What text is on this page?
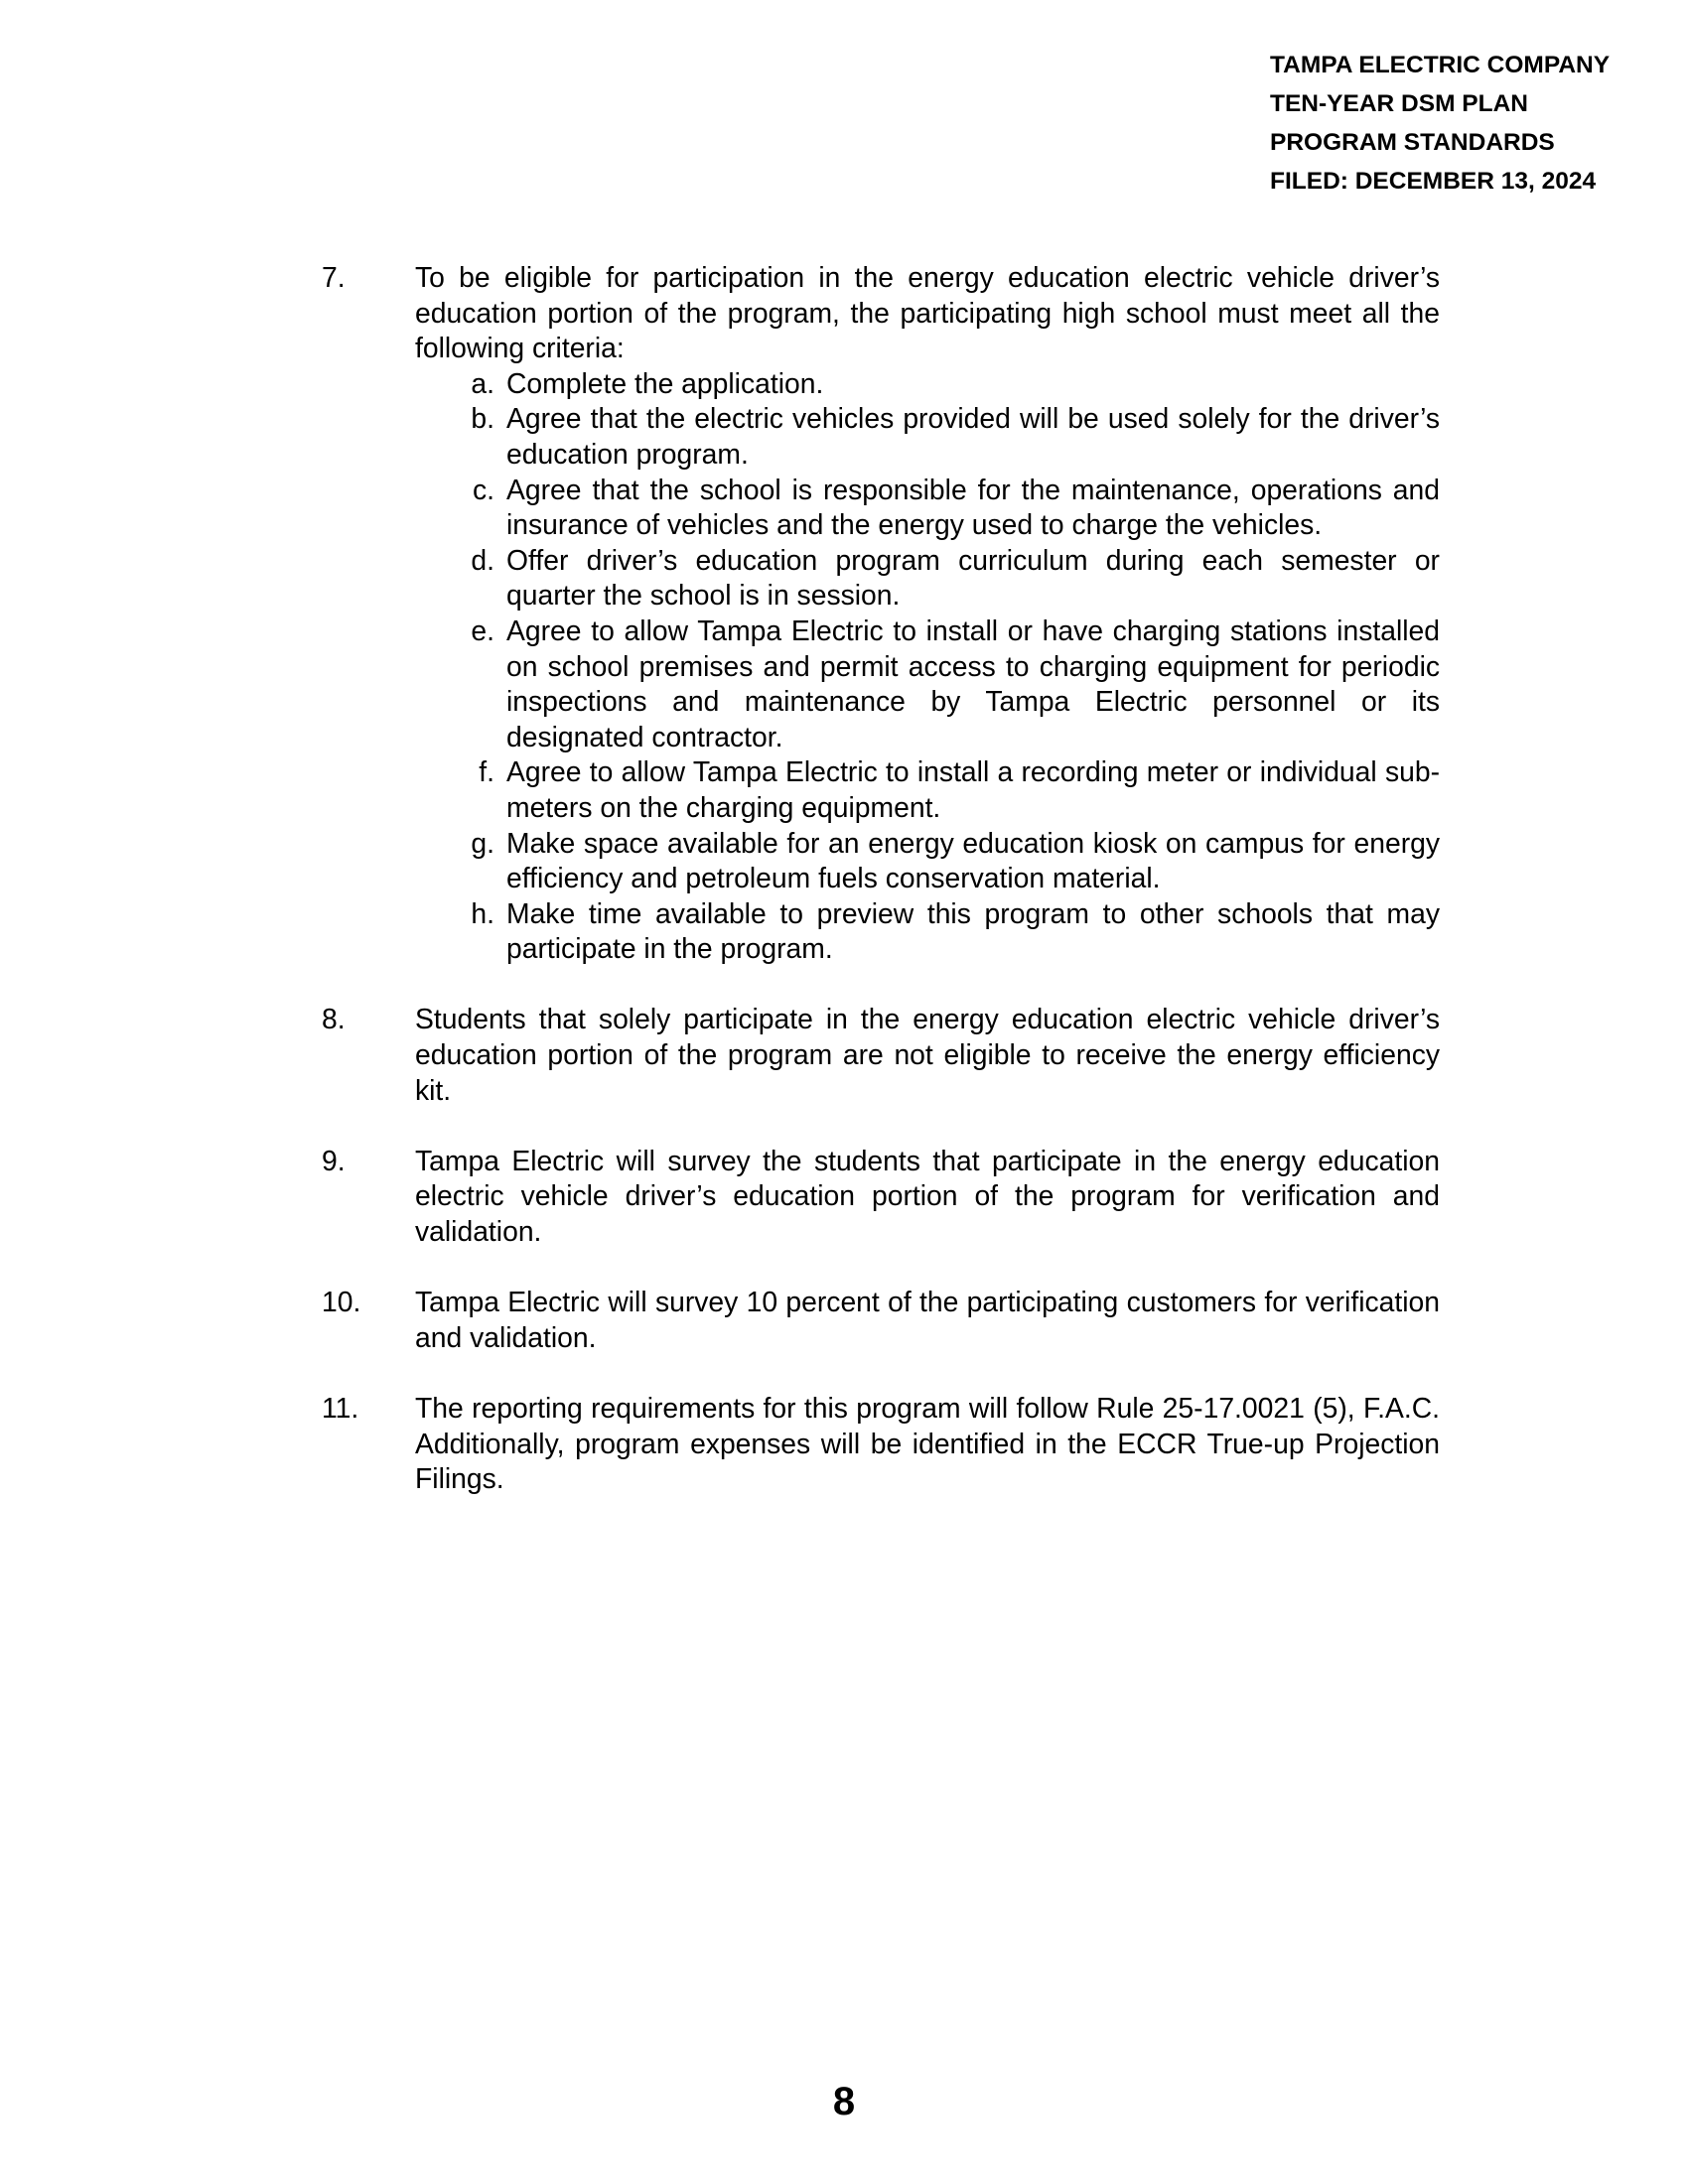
TAMPA ELECTRIC COMPANY
TEN-YEAR DSM PLAN
PROGRAM STANDARDS
FILED: DECEMBER 13, 2024
7. To be eligible for participation in the energy education electric vehicle driver’s education portion of the program, the participating high school must meet all the following criteria:
a. Complete the application.
b. Agree that the electric vehicles provided will be used solely for the driver’s education program.
c. Agree that the school is responsible for the maintenance, operations and insurance of vehicles and the energy used to charge the vehicles.
d. Offer driver’s education program curriculum during each semester or quarter the school is in session.
e. Agree to allow Tampa Electric to install or have charging stations installed on school premises and permit access to charging equipment for periodic inspections and maintenance by Tampa Electric personnel or its designated contractor.
f. Agree to allow Tampa Electric to install a recording meter or individual sub-meters on the charging equipment.
g. Make space available for an energy education kiosk on campus for energy efficiency and petroleum fuels conservation material.
h. Make time available to preview this program to other schools that may participate in the program.
8. Students that solely participate in the energy education electric vehicle driver’s education portion of the program are not eligible to receive the energy efficiency kit.
9. Tampa Electric will survey the students that participate in the energy education electric vehicle driver’s education portion of the program for verification and validation.
10. Tampa Electric will survey 10 percent of the participating customers for verification and validation.
11. The reporting requirements for this program will follow Rule 25-17.0021 (5), F.A.C. Additionally, program expenses will be identified in the ECCR True-up Projection Filings.
8
